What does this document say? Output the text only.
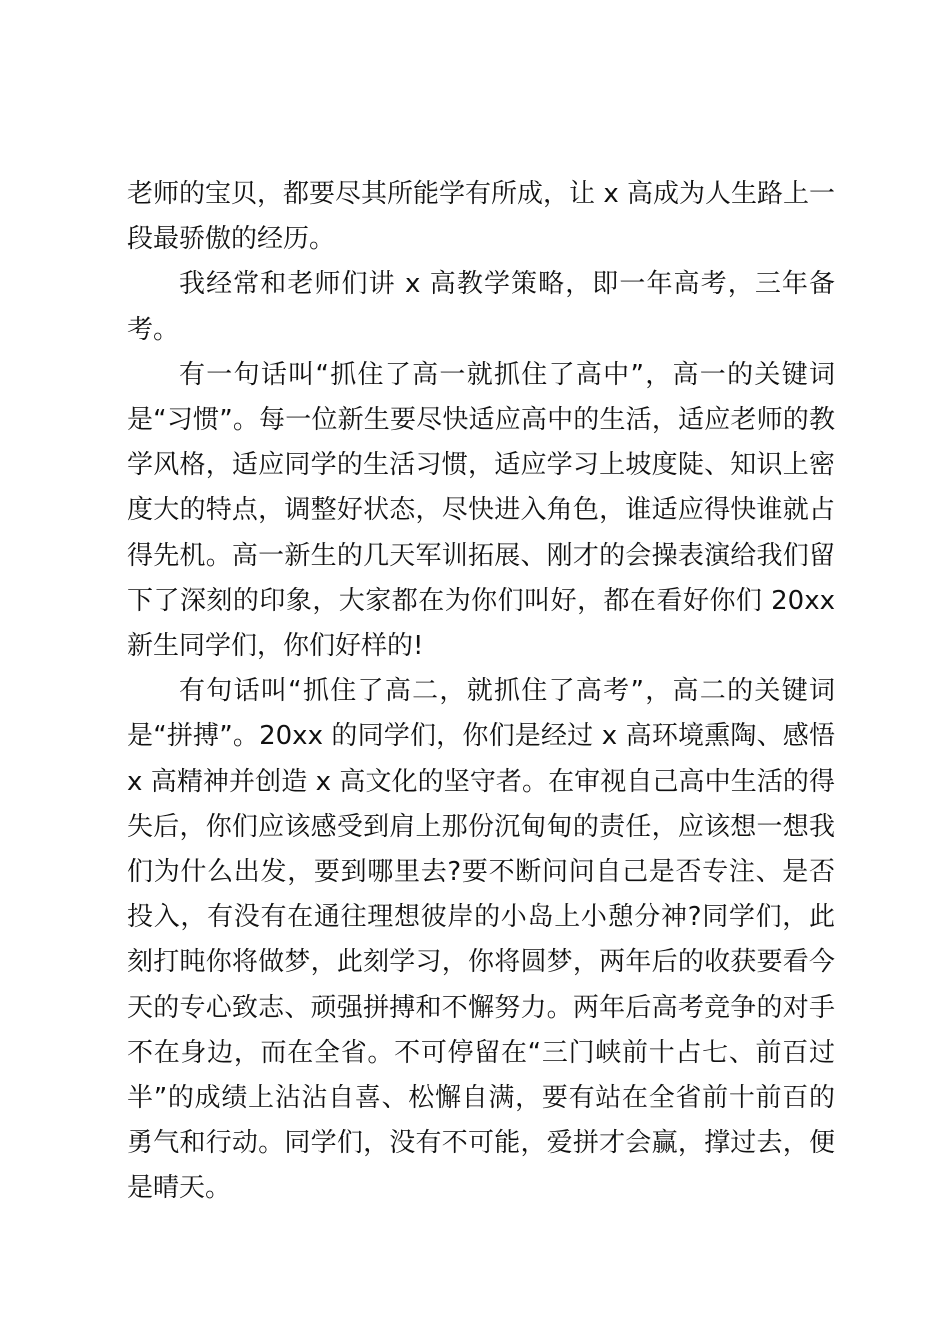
老师的宝贝，都要尽其所能学有所成，让 x 高成为人生路上一段最骄傲的经历。

我经常和老师们讲 x 高教学策略，即一年高考，三年备考。

有一句话叫“抓住了高一就抓住了高中”，高一的关键词是“习惯”。每一位新生要尽快适应高中的生活，适应老师的教学风格，适应同学的生活习惯，适应学习上坡度陡、知识上密度大的特点，调整好状态，尽快进入角色，谁适应得快谁就占得先机。高一新生的几天军训拓展、刚才的会操表演给我们留下了深刻的印象，大家都在为你们叫好，都在看好你们 20xx 新生同学们，你们好样的!

有句话叫“抓住了高二，就抓住了高考”，高二的关键词是“拼搏”。20xx 的同学们，你们是经过 x 高环境熏陶、感悟 x 高精神并创造 x 高文化的坚守者。在审视自己高中生活的得失后，你们应该感受到肩上那份沉甸甸的责任，应该想一想我们为什么出发，要到哪里去?要不断问问自己是否专注、是否投入，有没有在通往理想彼岸的小岛上小憩分神?同学们，此刻打盹你将做梦，此刻学习，你将圆梦，两年后的收获要看今天的专心致志、顽强拼搏和不懈努力。两年后高考竞争的对手不在身边，而在全省。不可停留在“三门峡前十占七、前百过半”的成绩上沾沾自喜、松懈自满，要有站在全省前十前百的勇气和行动。同学们，没有不可能，爱拼才会赢，撑过去，便是晴天。
